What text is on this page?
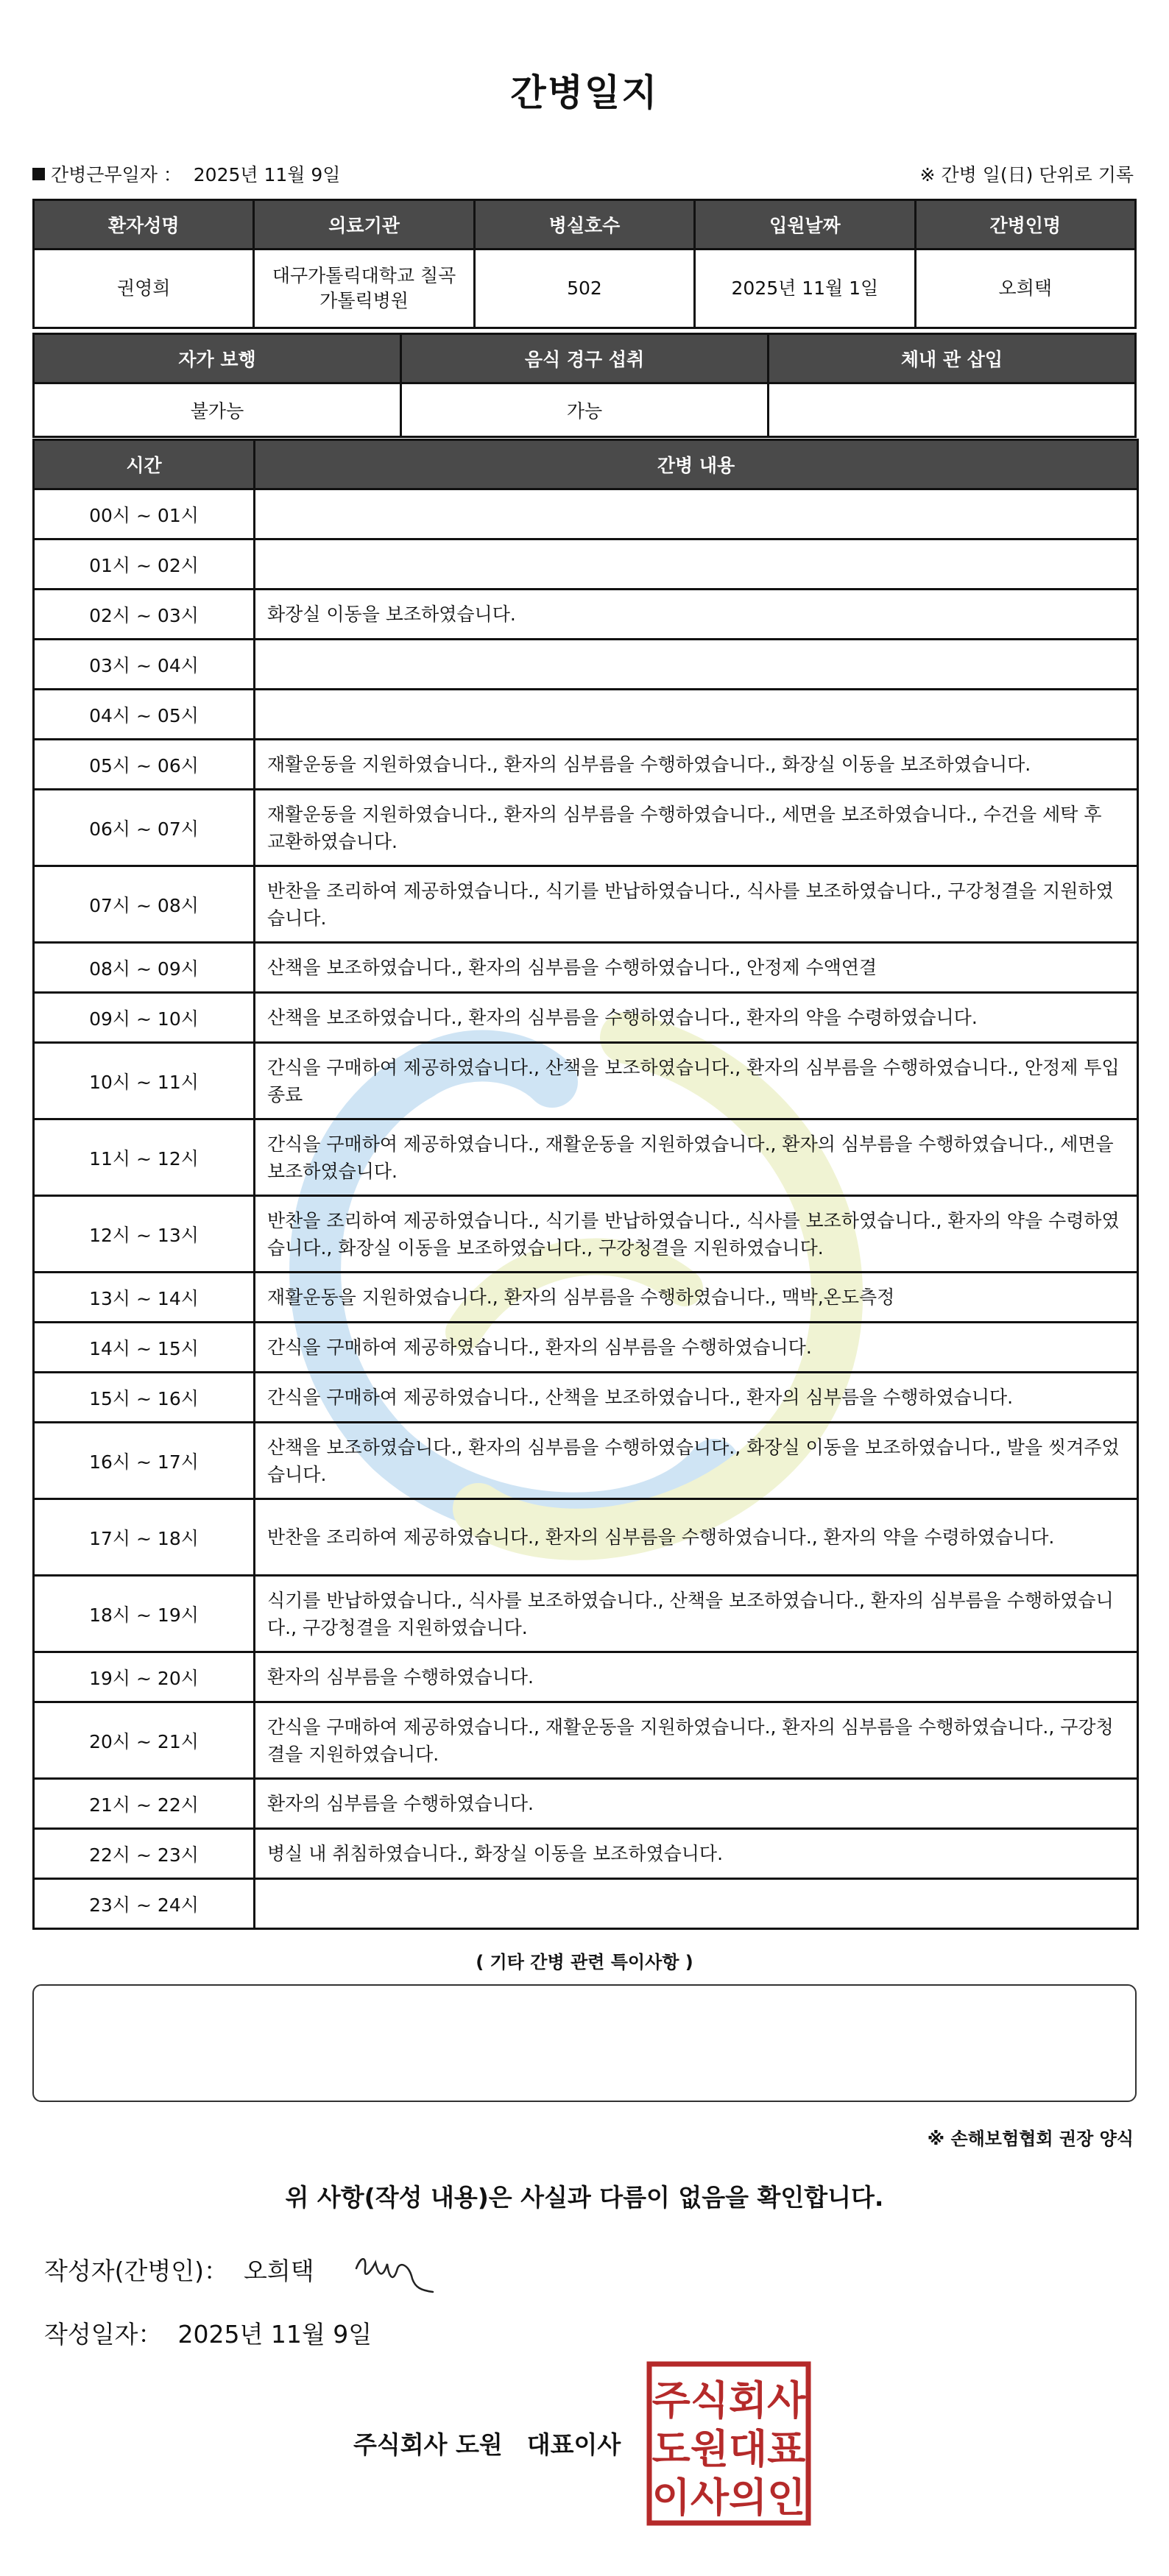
간병일지
간병근무일자 ： 2025년 11월 9일	※ 간병 일(日) 단위로 기록
환자성명	의료기관	병실호수	입원날짜	간병인명
권영희	대구가톨릭대학교 칠곡 가톨릭병원	502	2025년 11월 1일	오희택
자가 보행	음식 경구 섭취	체내 관 삽입
불가능	가능	
시간	간병 내용
00시 ~ 01시	
01시 ~ 02시	
02시 ~ 03시	화장실 이동을 보조하였습니다.
03시 ~ 04시	
04시 ~ 05시	
05시 ~ 06시	재활운동을 지원하였습니다., 환자의 심부름을 수행하였습니다., 화장실 이동을 보조하였습니다.
06시 ~ 07시	재활운동을 지원하였습니다., 환자의 심부름을 수행하였습니다., 세면을 보조하였습니다., 수건을 세탁 후 교환하였습니다.
07시 ~ 08시	반찬을 조리하여 제공하였습니다., 식기를 반납하였습니다., 식사를 보조하였습니다., 구강청결을 지원하였습니다.
08시 ~ 09시	산책을 보조하였습니다., 환자의 심부름을 수행하였습니다., 안정제 수액연결
09시 ~ 10시	산책을 보조하였습니다., 환자의 심부름을 수행하였습니다., 환자의 약을 수령하였습니다.
10시 ~ 11시	간식을 구매하여 제공하였습니다., 산책을 보조하였습니다., 환자의 심부름을 수행하였습니다., 안정제 투입종료
11시 ~ 12시	간식을 구매하여 제공하였습니다., 재활운동을 지원하였습니다., 환자의 심부름을 수행하였습니다., 세면을 보조하였습니다.
12시 ~ 13시	반찬을 조리하여 제공하였습니다., 식기를 반납하였습니다., 식사를 보조하였습니다., 환자의 약을 수령하였습니다., 화장실 이동을 보조하였습니다., 구강청결을 지원하였습니다.
13시 ~ 14시	재활운동을 지원하였습니다., 환자의 심부름을 수행하였습니다., 맥박,온도측정
14시 ~ 15시	간식을 구매하여 제공하였습니다., 환자의 심부름을 수행하였습니다.
15시 ~ 16시	간식을 구매하여 제공하였습니다., 산책을 보조하였습니다., 환자의 심부름을 수행하였습니다.
16시 ~ 17시	산책을 보조하였습니다., 환자의 심부름을 수행하였습니다., 화장실 이동을 보조하였습니다., 발을 씻겨주었습니다.
17시 ~ 18시	반찬을 조리하여 제공하였습니다., 환자의 심부름을 수행하였습니다., 환자의 약을 수령하였습니다.
18시 ~ 19시	식기를 반납하였습니다., 식사를 보조하였습니다., 산책을 보조하였습니다., 환자의 심부름을 수행하였습니다., 구강청결을 지원하였습니다.
19시 ~ 20시	환자의 심부름을 수행하였습니다.
20시 ~ 21시	간식을 구매하여 제공하였습니다., 재활운동을 지원하였습니다., 환자의 심부름을 수행하였습니다., 구강청결을 지원하였습니다.
21시 ~ 22시	환자의 심부름을 수행하였습니다.
22시 ~ 23시	병실 내 취침하였습니다., 화장실 이동을 보조하였습니다.
23시 ~ 24시	
( 기타 간병 관련 특이사항 )
※ 손해보험협회 권장 양식
위 사항(작성 내용)은 사실과 다름이 없음을 확인합니다.
작성자(간병인)： 오희택
작성일자： 2025년 11월 9일
주식회사 도원　대표이사
주식회사
도원대표
이사의인
